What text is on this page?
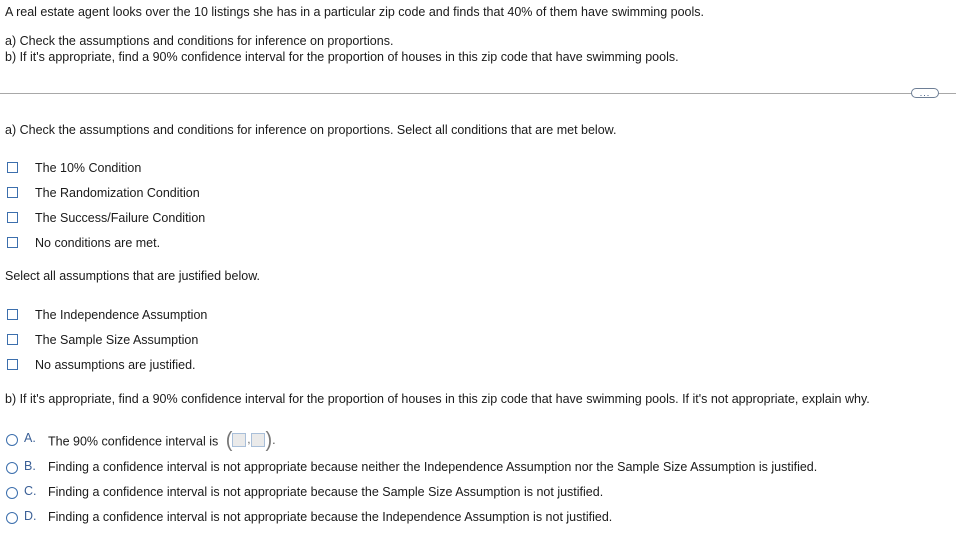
A real estate agent looks over the 10 listings she has in a particular zip code and finds that 40% of them have swimming pools.
a) Check the assumptions and conditions for inference on proportions.
b) If it's appropriate, find a 90% confidence interval for the proportion of houses in this zip code that have swimming pools.
...
a) Check the assumptions and conditions for inference on proportions. Select all conditions that are met below.
The 10% Condition
The Randomization Condition
The Success/Failure Condition
No conditions are met.
Select all assumptions that are justified below.
The Independence Assumption
The Sample Size Assumption
No assumptions are justified.
b) If it's appropriate, find a 90% confidence interval for the proportion of houses in this zip code that have swimming pools. If it's not appropriate, explain why.
A. The 90% confidence interval is ( , ).
B. Finding a confidence interval is not appropriate because neither the Independence Assumption nor the Sample Size Assumption is justified.
C. Finding a confidence interval is not appropriate because the Sample Size Assumption is not justified.
D. Finding a confidence interval is not appropriate because the Independence Assumption is not justified.
